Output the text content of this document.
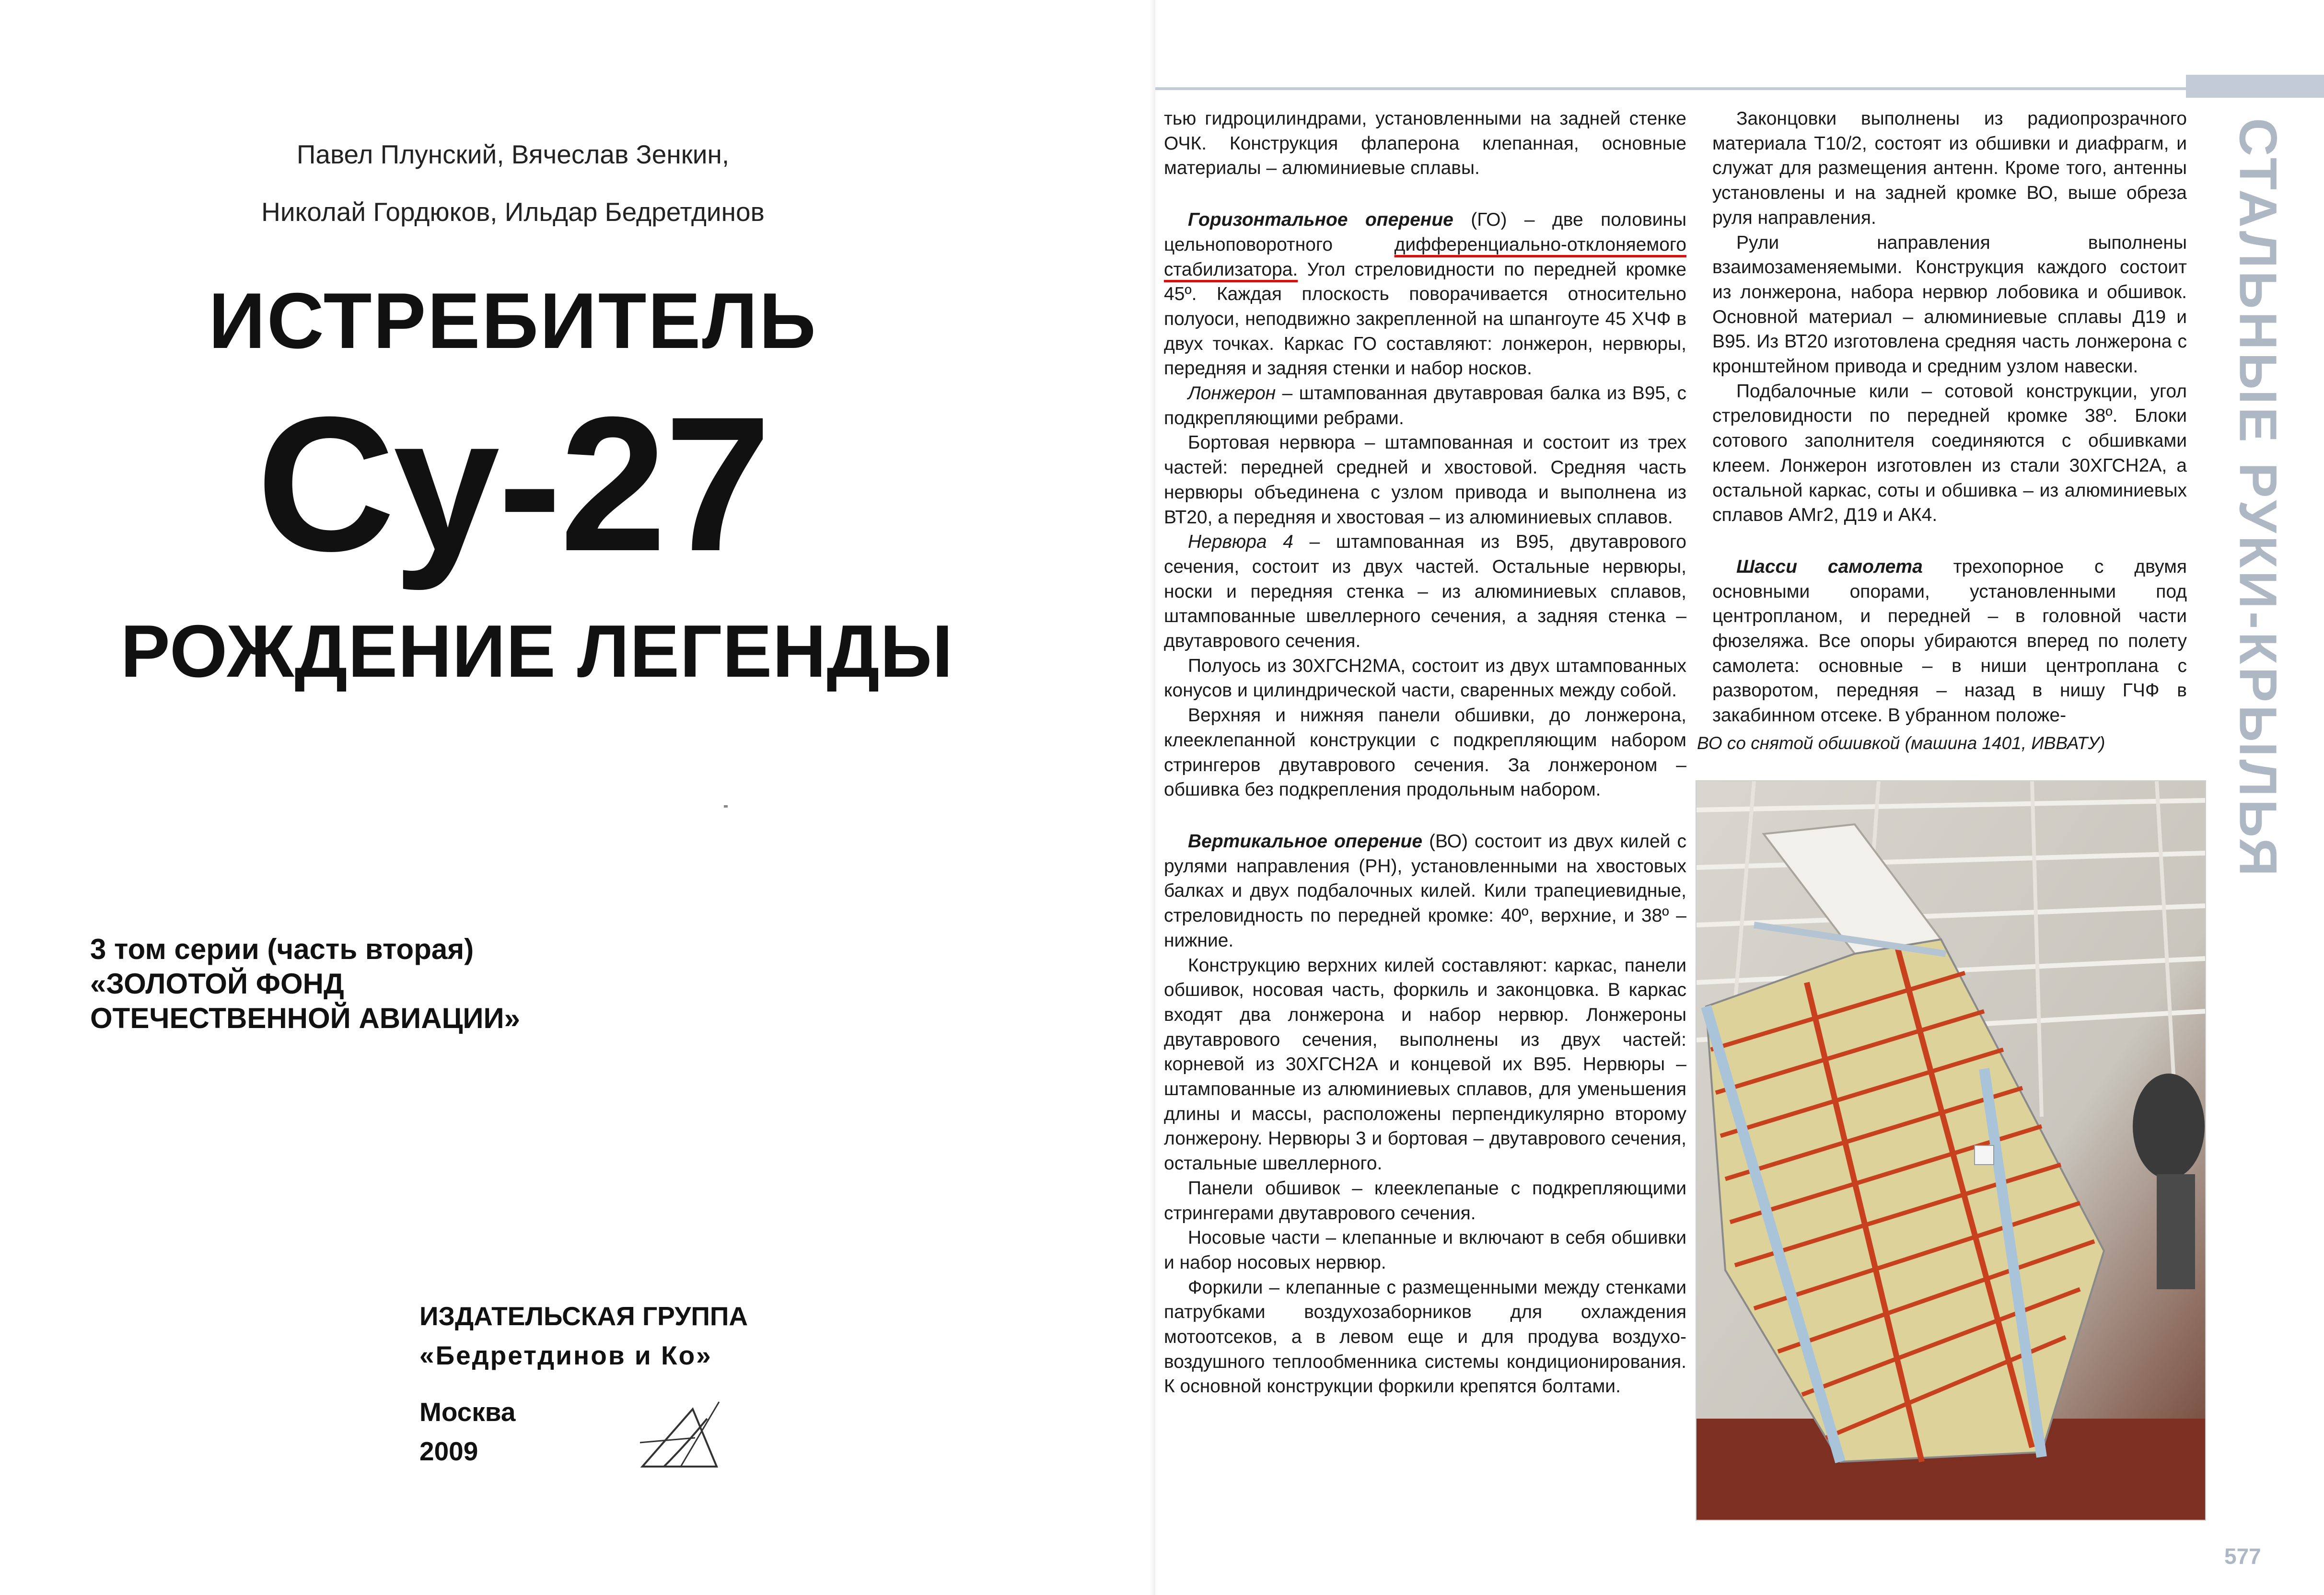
Павел Плунский, Вячеслав Зенкин,
Николай Гордюков, Ильдар Бедретдинов
ИСТРЕБИТЕЛЬ
Су-27
РОЖДЕНИЕ ЛЕГЕНДЫ
3 том серии (часть вторая)
«ЗОЛОТОЙ ФОНД
ОТЕЧЕСТВЕННОЙ АВИАЦИИ»
ИЗДАТЕЛЬСКАЯ ГРУППА
«Бедретдинов и Ко»
Москва
2009

тью гидроцилиндрами, установленными на задней стенке ОЧК. Конструкция флаперона клепанная, основные материалы – алюминиевые сплавы.

Горизонтальное оперение (ГО) – две половины цельноповоротного дифференциально-отклоняемого стабилизатора. Угол стреловидности по передней кромке 45º. Каждая плоскость поворачивается относительно полуоси, неподвижно закрепленной на шпангоуте 45 ХЧФ в двух точках. Каркас ГО составляют: лонжерон, нервюры, передняя и задняя стенки и набор носков.

Лонжерон – штампованная двутавровая балка из В95, с подкрепляющими ребрами.

Бортовая нервюра – штампованная и состоит из трех частей: передней средней и хвостовой. Средняя часть нервюры объединена с узлом привода и выполнена из ВТ20, а передняя и хвостовая – из алюминиевых сплавов.

Нервюра 4 – штампованная из В95, двутаврового сечения, состоит из двух частей. Остальные нервюры, носки и передняя стенка – из алюминиевых сплавов, штампованные швеллерного сечения, а задняя стенка – двутаврового сечения.

Полуось из 30ХГСН2МА, состоит из двух штампованных конусов и цилиндрической части, сваренных между собой.

Верхняя и нижняя панели обшивки, до лонжерона, клееклепанной конструкции с подкрепляющим набором стрингеров двутаврового сечения. За лонжероном – обшивка без подкрепления продольным набором.

Вертикальное оперение (ВО) состоит из двух килей с рулями направления (РН), установленными на хвостовых балках и двух подбалочных килей. Кили трапециевидные, стреловидность по передней кромке: 40º, верхние, и 38º – нижние.

Конструкцию верхних килей составляют: каркас, панели обшивок, носовая часть, форкиль и законцовка. В каркас входят два лонжерона и набор нервюр. Лонжероны двутаврового сечения, выполнены из двух частей: корневой из 30ХГСН2А и концевой их В95. Нервюры – штампованные из алюминиевых сплавов, для уменьшения длины и массы, расположены перпендикулярно второму лонжерону. Нервюры 3 и бортовая – двутаврового сечения, остальные швеллерного.

Панели обшивок – клееклепаные с подкрепляющими стрингерами двутаврового сечения.

Носовые части – клепанные и включают в себя обшивки и набор носовых нервюр.

Форкили – клепанные с размещенными между стенками патрубками воздухозаборников для охлаждения мотоотсеков, а в левом еще и для продува воздухо-воздушного теплообменника системы кондиционирования. К основной конструкции форкили крепятся болтами.

Законцовки выполнены из радиопрозрачного материала Т10/2, состоят из обшивки и диафрагм, и служат для размещения антенн. Кроме того, антенны установлены и на задней кромке ВО, выше обреза руля направления.

Рули направления выполнены взаимозаменяемыми. Конструкция каждого состоит из лонжерона, набора нервюр лобовика и обшивок. Основной материал – алюминиевые сплавы Д19 и В95. Из ВТ20 изготовлена средняя часть лонжерона с кронштейном привода и средним узлом навески.

Подбалочные кили – сотовой конструкции, угол стреловидности по передней кромке 38º. Блоки сотового заполнителя соединяются с обшивками клеем. Лонжерон изготовлен из стали 30ХГСН2А, а остальной каркас, соты и обшивка – из алюминиевых сплавов АМг2, Д19 и АК4.

Шасси самолета трехопорное с двумя основными опорами, установленными под центропланом, и передней – в головной части фюзеляжа. Все опоры убираются вперед по полету самолета: основные – в ниши центроплана с разворотом, передняя – назад в нишу ГЧФ в закабинном отсеке. В убранном положе-

ВО со снятой обшивкой (машина 1401, ИВВАТУ)	СТАЛЬНЫЕ РУКИ-КРЫЛЬЯ
577
